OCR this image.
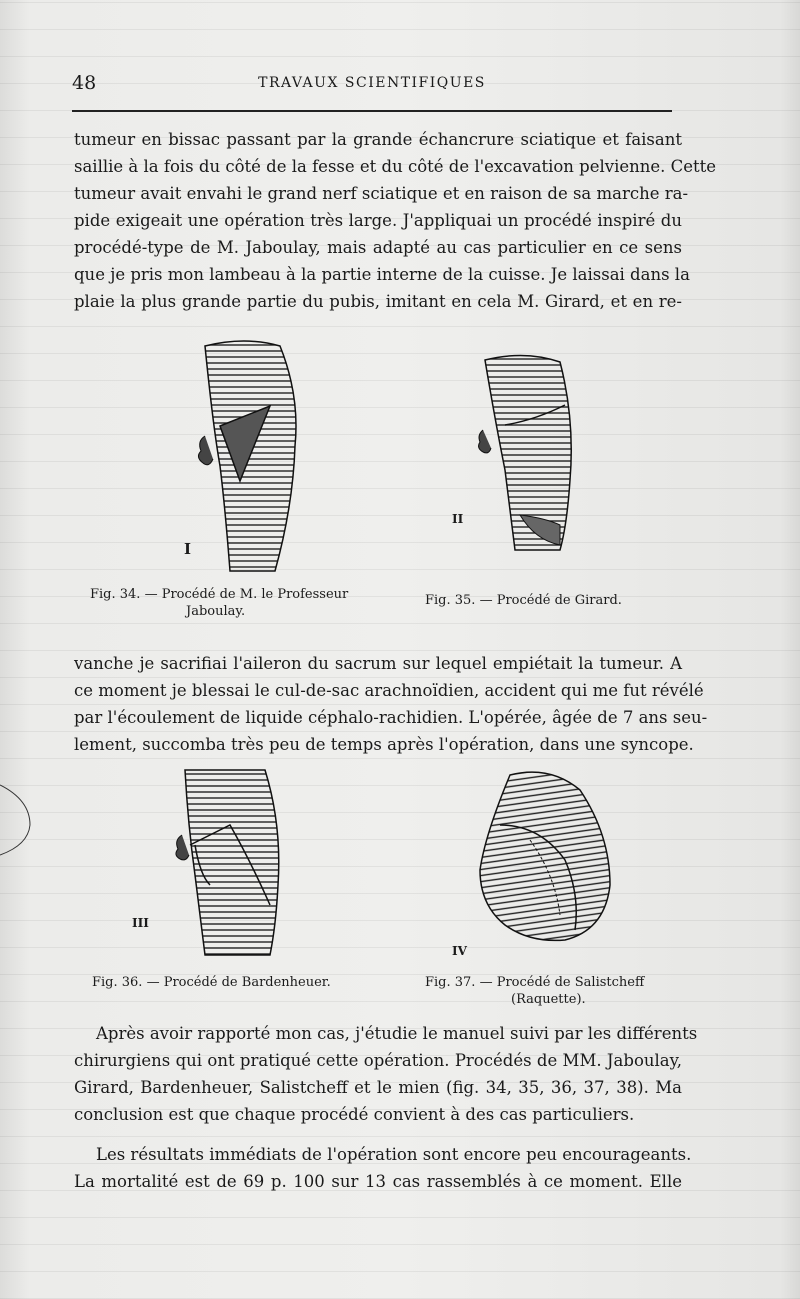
48	TRAVAUX SCIENTIFIQUES

tumeur en bissac passant par la grande échancrure sciatique et faisant
saillie à la fois du côté de la fesse et du côté de l'excavation pelvienne. Cette
tumeur avait envahi le grand nerf sciatique et en raison de sa marche ra-
pide exigeait une opération très large. J'appliquai un procédé inspiré du
procédé-type de M. Jaboulay, mais adapté au cas particulier en ce sens
que je pris mon lambeau à la partie interne de la cuisse. Je laissai dans la
plaie la plus grande partie du pubis, imitant en cela M. Girard, et en re-

I
Fig. 34. — Procédé de M. le Professeur
Jaboulay.
II
Fig. 35. — Procédé de Girard.

vanche je sacrifiai l'aileron du sacrum sur lequel empiétait la tumeur. A
ce moment je blessai le cul-de-sac arachnoïdien, accident qui me fut révélé
par l'écoulement de liquide céphalo-rachidien. L'opérée, âgée de 7 ans seu-
lement, succomba très peu de temps après l'opération, dans une syncope.

III
Fig. 36. — Procédé de Bardenheuer.
IV
Fig. 37. — Procédé de Salistcheff
(Raquette).

Après avoir rapporté mon cas, j'étudie le manuel suivi par les différents
chirurgiens qui ont pratiqué cette opération. Procédés de MM. Jaboulay,
Girard, Bardenheuer, Salistcheff et le mien (fig. 34, 35, 36, 37, 38). Ma
conclusion est que chaque procédé convient à des cas particuliers.

Les résultats immédiats de l'opération sont encore peu encourageants.
La mortalité est de 69 p. 100 sur 13 cas rassemblés à ce moment. Elle
